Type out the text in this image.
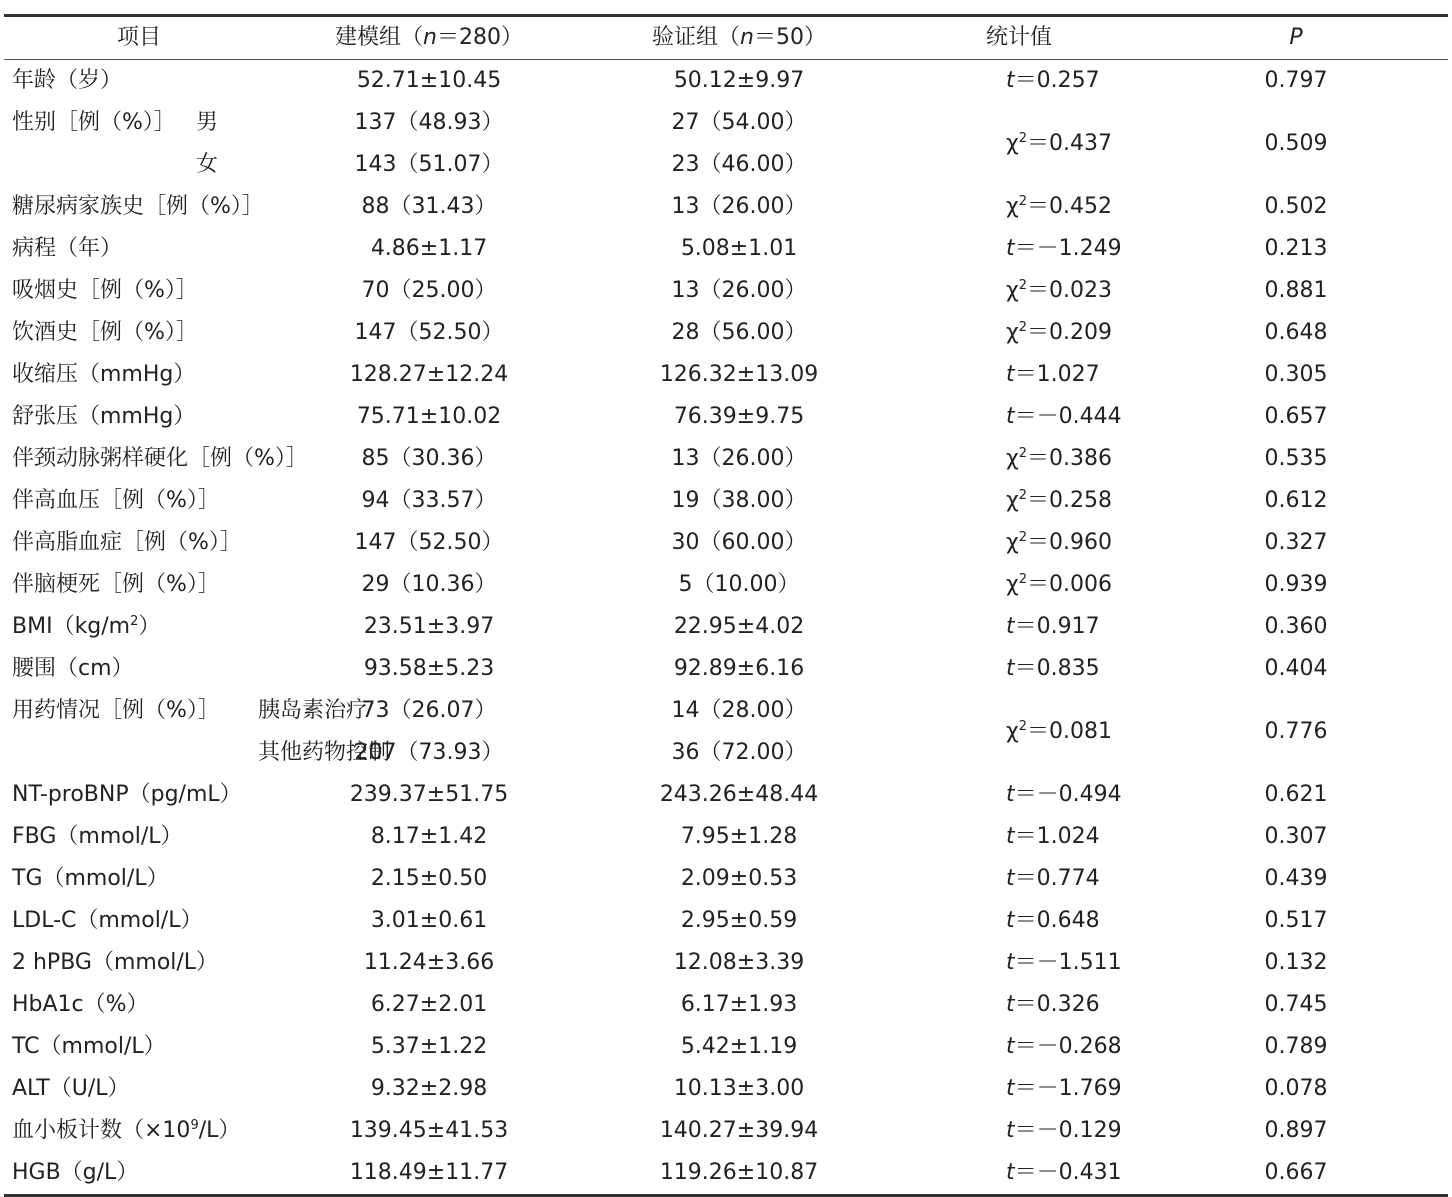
项目		建模组（n＝280）	验证组（n＝50）	统计值	P
年龄（岁）		52.71±10.45	50.12±9.97	t＝0.257	0.797
性别［例（%）］	男	137（48.93）	27（54.00）	$\chi^2=0.437$	0.509
	女	143（51.07）	23（46.00）		
糖尿病家族史［例（%）］		88（31.43）	13（26.00）	$\chi^2=0.452$	0.502
病程（年）		4.86±1.17	5.08±1.01	t＝－1.249	0.213
吸烟史［例（%）］		70（25.00）	13（26.00）	$\chi^2=0.023$	0.881
饮酒史［例（%）］		147（52.50）	28（56.00）	$\chi^2=0.209$	0.648
收缩压（mmHg）		128.27±12.24	126.32±13.09	t＝1.027	0.305
舒张压（mmHg）		75.71±10.02	76.39±9.75	t＝－0.444	0.657
伴颈动脉粥样硬化［例（%）］		85（30.36）	13（26.00）	$\chi^2=0.386$	0.535
伴高血压［例（%）］		94（33.57）	19（38.00）	$\chi^2=0.258$	0.612
伴高脂血症［例（%）］		147（52.50）	30（60.00）	$\chi^2=0.960$	0.327
伴脑梗死［例（%）］		29（10.36）	5（10.00）	$\chi^2=0.006$	0.939
$BMI(kg/m^2)$		23.51±3.97	22.95±4.02	t＝0.917	0.360
腰围（cm）		93.58±5.23	92.89±6.16	t＝0.835	0.404
用药情况［例（%）］	胰岛素治疗	73（26.07）	14（28.00）	$\chi^2=0.081$	0.776
	其他药物控制	207（73.93）	36（72.00）		
NT-proBNP（pg/mL）		239.37±51.75	243.26±48.44	t＝－0.494	0.621
FBG（mmol/L）		8.17±1.42	7.95±1.28	t＝1.024	0.307
TG（mmol/L）		2.15±0.50	2.09±0.53	t＝0.774	0.439
LDL-C（mmol/L）		3.01±0.61	2.95±0.59	t＝0.648	0.517
2 hPBG（mmol/L）		11.24±3.66	12.08±3.39	t＝－1.511	0.132
HbA1c（%）		6.27±2.01	6.17±1.93	t＝0.326	0.745
TC（mmol/L）		5.37±1.22	5.42±1.19	t＝－0.268	0.789
ALT（U/L）		9.32±2.98	10.13±3.00	t＝－1.769	0.078
血小板计数$(\times 10^9/L)$		139.45±41.53	140.27±39.94	t＝－0.129	0.897
HGB（g/L）		118.49±11.77	119.26±10.87	t＝－0.431	0.667
